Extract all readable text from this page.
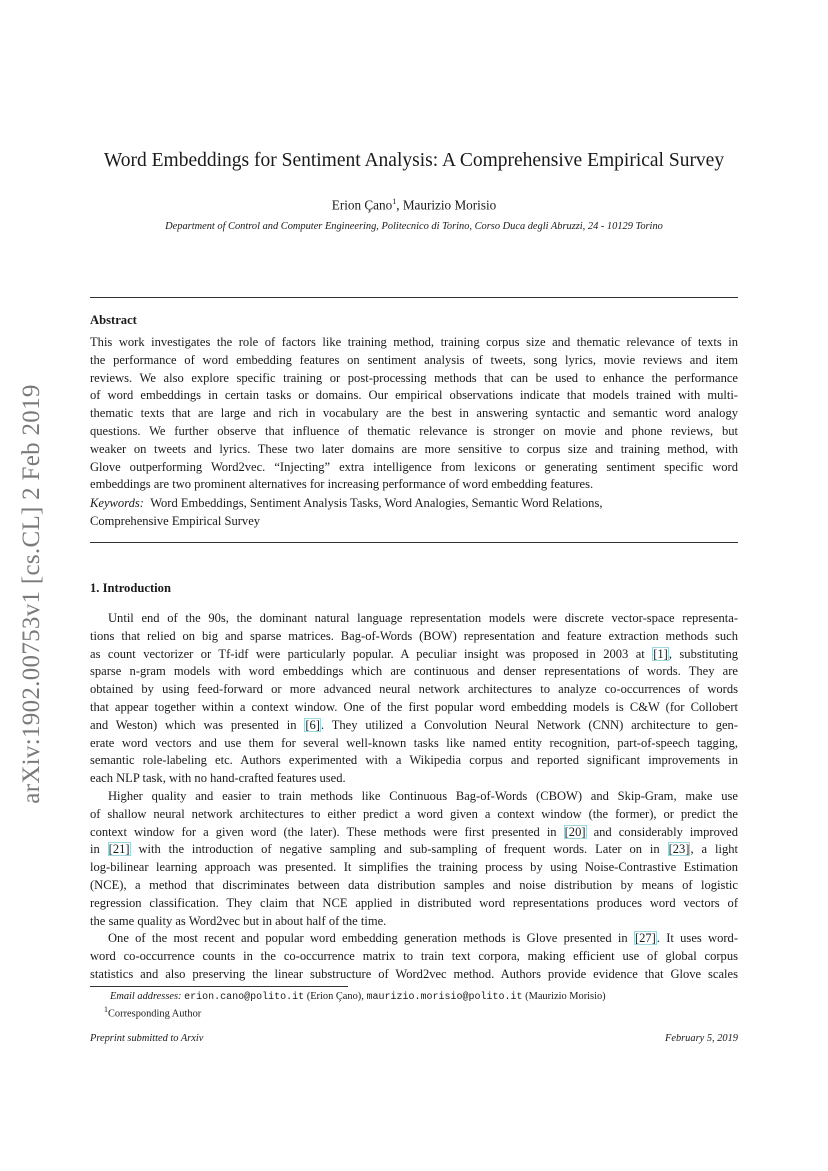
arXiv:1902.00753v1 [cs.CL] 2 Feb 2019
Word Embeddings for Sentiment Analysis: A Comprehensive Empirical Survey
Erion Çano$^1$, Maurizio Morisio
Department of Control and Computer Engineering, Politecnico di Torino, Corso Duca degli Abruzzi, 24 - 10129 Torino
Abstract
This work investigates the role of factors like training method, training corpus size and thematic relevance of texts in
the performance of word embedding features on sentiment analysis of tweets, song lyrics, movie reviews and item
reviews. We also explore specific training or post-processing methods that can be used to enhance the performance
of word embeddings in certain tasks or domains. Our empirical observations indicate that models trained with multi-
thematic texts that are large and rich in vocabulary are the best in answering syntactic and semantic word analogy
questions. We further observe that influence of thematic relevance is stronger on movie and phone reviews, but
weaker on tweets and lyrics. These two later domains are more sensitive to corpus size and training method, with
Glove outperforming Word2vec. “Injecting” extra intelligence from lexicons or generating sentiment specific word
embeddings are two prominent alternatives for increasing performance of word embedding features.
Keywords: Word Embeddings, Sentiment Analysis Tasks, Word Analogies, Semantic Word Relations,
Comprehensive Empirical Survey
1. Introduction
Until end of the 90s, the dominant natural language representation models were discrete vector-space representa-
tions that relied on big and sparse matrices. Bag-of-Words (BOW) representation and feature extraction methods such
as count vectorizer or Tf-idf were particularly popular. A peculiar insight was proposed in 2003 at [1], substituting
sparse n-gram models with word embeddings which are continuous and denser representations of words. They are
obtained by using feed-forward or more advanced neural network architectures to analyze co-occurrences of words
that appear together within a context window. One of the first popular word embedding models is C&W (for Collobert
and Weston) which was presented in [6]. They utilized a Convolution Neural Network (CNN) architecture to gen-
erate word vectors and use them for several well-known tasks like named entity recognition, part-of-speech tagging,
semantic role-labeling etc. Authors experimented with a Wikipedia corpus and reported significant improvements in
each NLP task, with no hand-crafted features used.
Higher quality and easier to train methods like Continuous Bag-of-Words (CBOW) and Skip-Gram, make use
of shallow neural network architectures to either predict a word given a context window (the former), or predict the
context window for a given word (the later). These methods were first presented in [20] and considerably improved
in [21] with the introduction of negative sampling and sub-sampling of frequent words. Later on in [23], a light
log-bilinear learning approach was presented. It simplifies the training process by using Noise-Contrastive Estimation
(NCE), a method that discriminates between data distribution samples and noise distribution by means of logistic
regression classification. They claim that NCE applied in distributed word representations produces word vectors of
the same quality as Word2vec but in about half of the time.
One of the most recent and popular word embedding generation methods is Glove presented in [27]. It uses word-
word co-occurrence counts in the co-occurrence matrix to train text corpora, making efficient use of global corpus
statistics and also preserving the linear substructure of Word2vec method. Authors provide evidence that Glove scales
Email addresses: erion.cano@polito.it (Erion Çano), maurizio.morisio@polito.it (Maurizio Morisio)
$^1$Corresponding Author
Preprint submitted to Arxiv	February 5, 2019
